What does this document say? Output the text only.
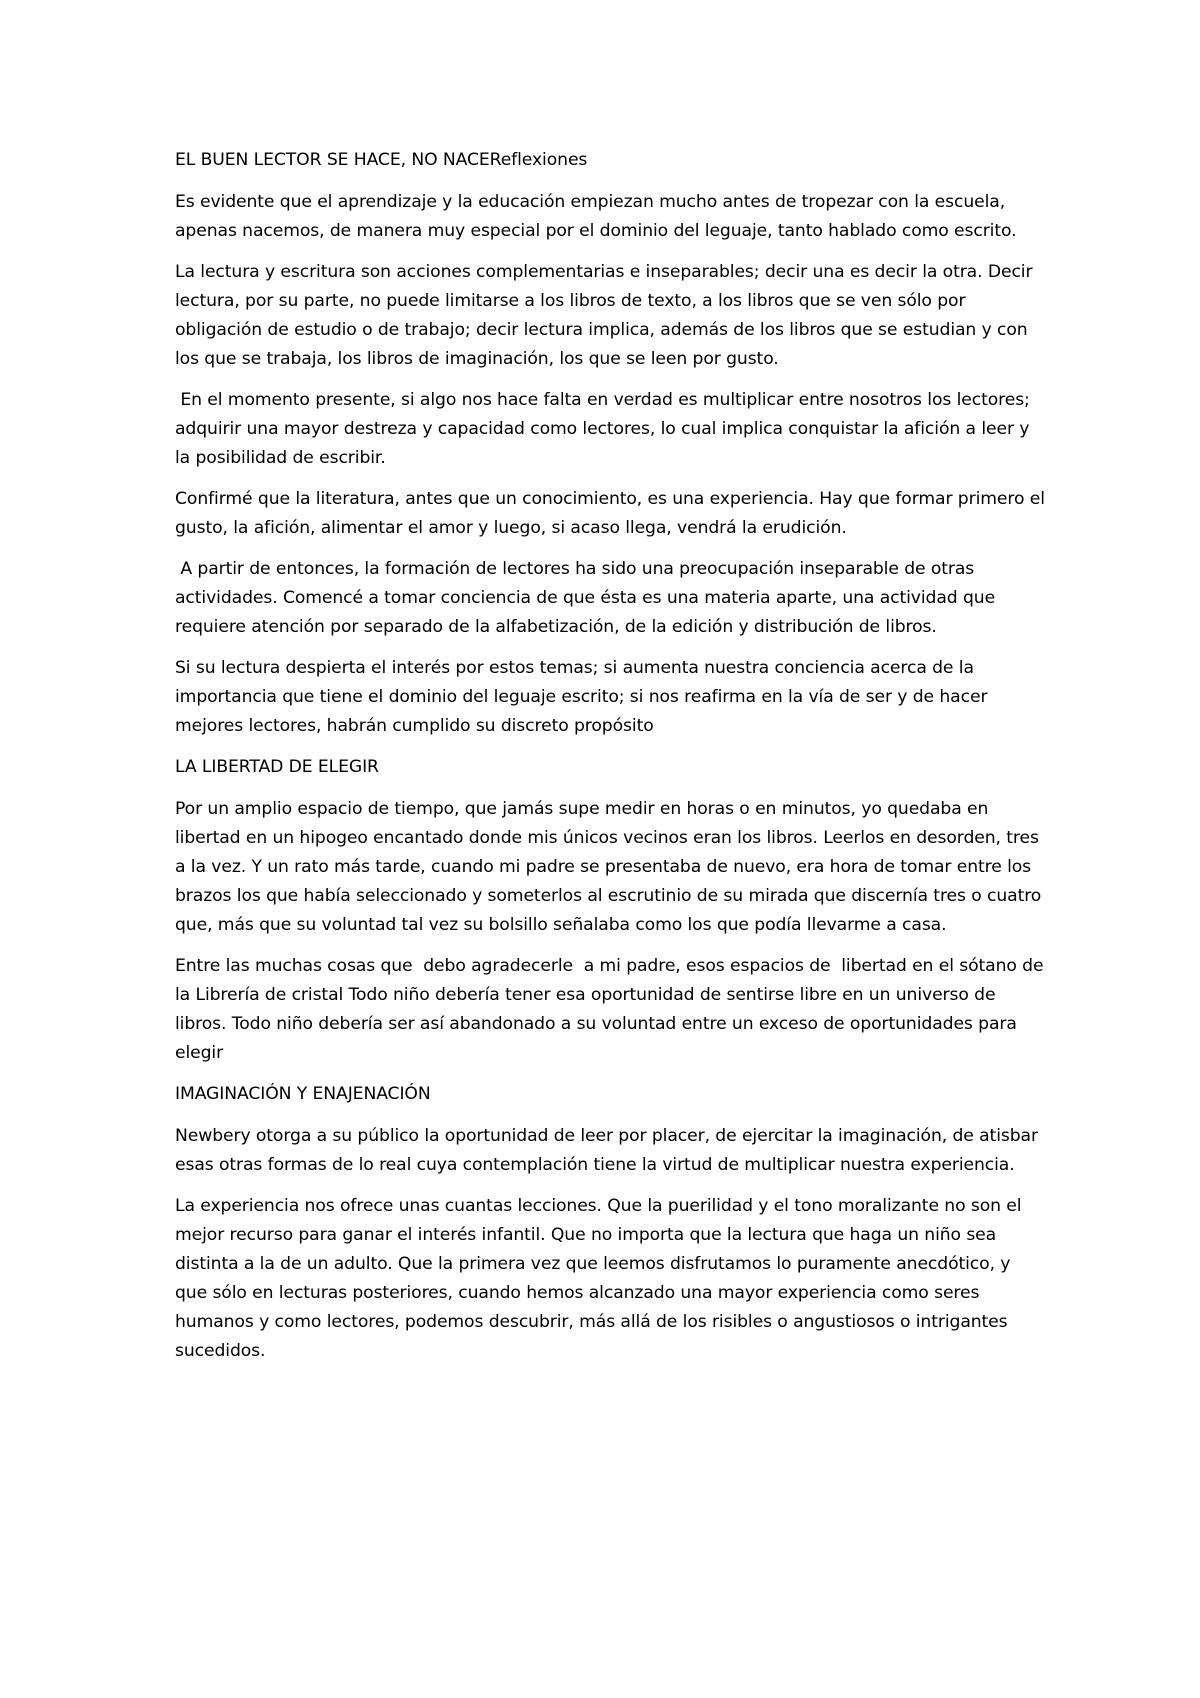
EL BUEN LECTOR SE HACE, NO NACEReflexiones

Es evidente que el aprendizaje y la educación empiezan mucho antes de tropezar con la escuela, apenas nacemos, de manera muy especial por el dominio del leguaje, tanto hablado como escrito.

La lectura y escritura son acciones complementarias e inseparables; decir una es decir la otra. Decir lectura, por su parte, no puede limitarse a los libros de texto, a los libros que se ven sólo por obligación de estudio o de trabajo; decir lectura implica, además de los libros que se estudian y con los que se trabaja, los libros de imaginación, los que se leen por gusto.

En el momento presente, si algo nos hace falta en verdad es multiplicar entre nosotros los lectores; adquirir una mayor destreza y capacidad como lectores, lo cual implica conquistar la afición a leer y la posibilidad de escribir.

Confirmé que la literatura, antes que un conocimiento, es una experiencia. Hay que formar primero el gusto, la afición, alimentar el amor y luego, si acaso llega, vendrá la erudición.

A partir de entonces, la formación de lectores ha sido una preocupación inseparable de otras actividades. Comencé a tomar conciencia de que ésta es una materia aparte, una actividad que requiere atención por separado de la alfabetización, de la edición y distribución de libros.

Si su lectura despierta el interés por estos temas; si aumenta nuestra conciencia acerca de la importancia que tiene el dominio del leguaje escrito; si nos reafirma en la vía de ser y de hacer mejores lectores, habrán cumplido su discreto propósito

LA LIBERTAD DE ELEGIR

Por un amplio espacio de tiempo, que jamás supe medir en horas o en minutos, yo quedaba en libertad en un hipogeo encantado donde mis únicos vecinos eran los libros. Leerlos en desorden, tres a la vez. Y un rato más tarde, cuando mi padre se presentaba de nuevo, era hora de tomar entre los brazos los que había seleccionado y someterlos al escrutinio de su mirada que discernía tres o cuatro que, más que su voluntad tal vez su bolsillo señalaba como los que podía llevarme a casa.

Entre las muchas cosas que  debo agradecerle  a mi padre, esos espacios de  libertad en el sótano de la Librería de cristal Todo niño debería tener esa oportunidad de sentirse libre en un universo de libros. Todo niño debería ser así abandonado a su voluntad entre un exceso de oportunidades para elegir

IMAGINACIÓN Y ENAJENACIÓN

Newbery otorga a su público la oportunidad de leer por placer, de ejercitar la imaginación, de atisbar esas otras formas de lo real cuya contemplación tiene la virtud de multiplicar nuestra experiencia.

La experiencia nos ofrece unas cuantas lecciones. Que la puerilidad y el tono moralizante no son el mejor recurso para ganar el interés infantil. Que no importa que la lectura que haga un niño sea distinta a la de un adulto. Que la primera vez que leemos disfrutamos lo puramente anecdótico, y que sólo en lecturas posteriores, cuando hemos alcanzado una mayor experiencia como seres humanos y como lectores, podemos descubrir, más allá de los risibles o angustiosos o intrigantes sucedidos.
